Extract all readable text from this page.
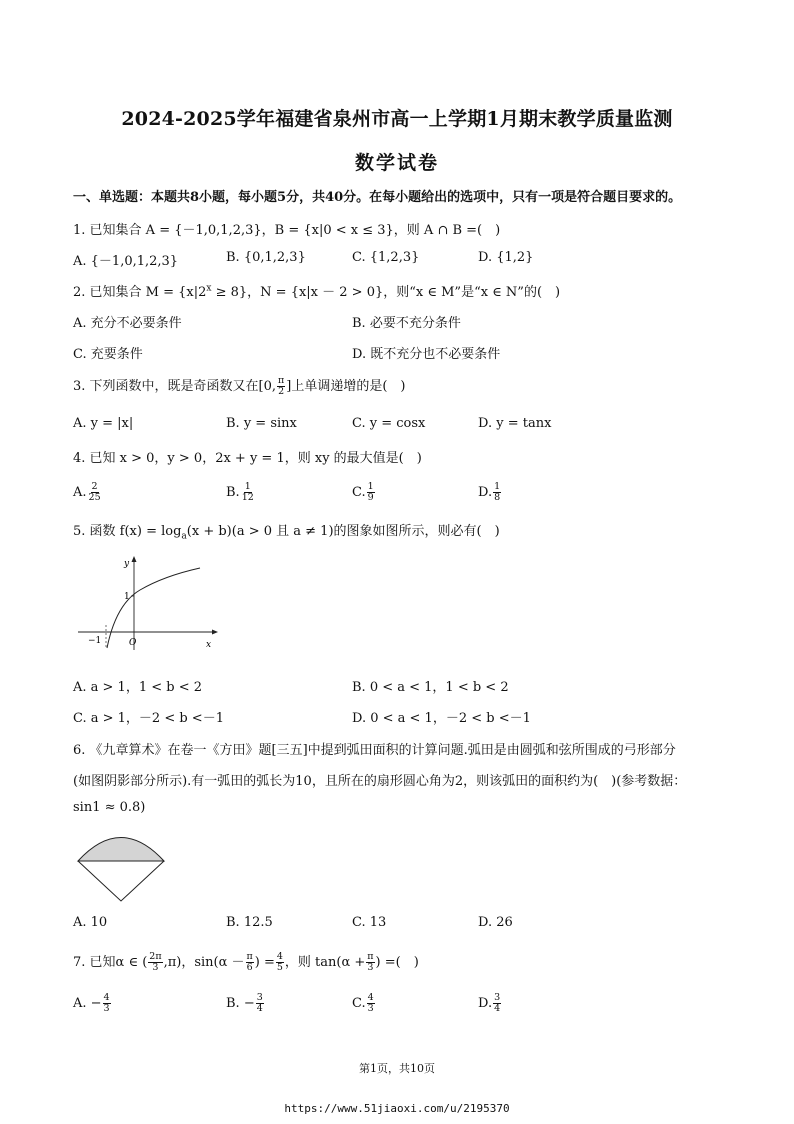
2024-2025学年福建省泉州市高一上学期1月期末教学质量监测
数学试卷
一、单选题：本题共8小题，每小题5分，共40分。在每小题给出的选项中，只有一项是符合题目要求的。
1. 已知集合 A = {－1,0,1,2,3}，B = {x|0 < x ≤ 3}，则 A ∩ B =(　)
A. {－1,0,1,2,3}	B. {0,1,2,3}	C. {1,2,3}	D. {1,2}
2. 已知集合 $M = \{x|2^x \ge 8\}$，N = {x|x － 2 > 0}，则“x ∈ M”是“x ∈ N”的(　)
A. 充分不必要条件	B. 必要不充分条件
C. 充要条件	D. 既不充分也不必要条件
3. 下列函数中，既是奇函数又在[0, $\frac{\pi}{2}$ ]上单调递增的是(　)
A. y = |x|	B. y = sinx	C. y = cosx	D. y = tanx
4. 已知 x > 0，y > 0，2x + y = 1，则 xy 的最大值是(　)
A. $\frac{2}{25}$	B. $\frac{1}{12}$	C. $\frac{1}{9}$	D. $\frac{1}{8}$
5. 函数 $f(x) = \log_a(x + b)(a > 0$ 且 a ≠ 1)的图象如图所示，则必有(　)
y
x
O
1
−1
A. a > 1，1 < b < 2	B. 0 < a < 1，1 < b < 2
C. a > 1，－2 < b <－1	D. 0 < a < 1，－2 < b <－1
6. 《九章算术》在卷一《方田》题[三五]中提到弧田面积的计算问题.弧田是由圆弧和弦所围成的弓形部分
(如图阴影部分所示).有一弧田的弧长为10，且所在的扇形圆心角为2，则该弧田的面积约为(　)(参考数据：
sin1 ≈ 0.8)
A. 10	B. 12.5	C. 13	D. 26
7. 已知α ∈ ( $\frac{2\pi}{3} ,\pi$)，$\sin(\alpha - \frac{\pi}{6}$ ) = $\frac{4}{5}$ ，则 $\tan(\alpha + \frac{\pi}{3}$ ) =(　)
A. − $\frac{4}{3}$	B. − $\frac{3}{4}$	C. $\frac{4}{3}$	D. $\frac{3}{4}$
第1页，共10页
https://www.51jiaoxi.com/u/2195370
